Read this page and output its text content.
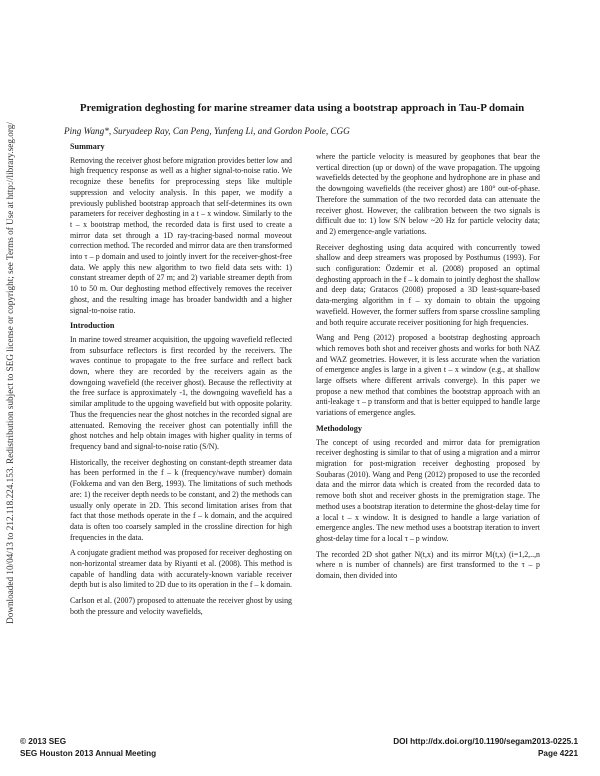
Downloaded 10/04/13 to 212.118.224.153. Redistribution subject to SEG license or copyright; see Terms of Use at http://library.seg.org/
Premigration deghosting for marine streamer data using a bootstrap approach in Tau-P domain
Ping Wang*, Suryadeep Ray, Can Peng, Yunfeng Li, and Gordon Poole, CGG
Summary
Removing the receiver ghost before migration provides better low and high frequency response as well as a higher signal-to-noise ratio. We recognize these benefits for preprocessing steps like multiple suppression and velocity analysis. In this paper, we modify a previously published bootstrap approach that self-determines its own parameters for receiver deghosting in a t – x window. Similarly to the t – x bootstrap method, the recorded data is first used to create a mirror data set through a 1D ray-tracing-based normal moveout correction method. The recorded and mirror data are then transformed into τ – p domain and used to jointly invert for the receiver-ghost-free data. We apply this new algorithm to two field data sets with: 1) constant streamer depth of 27 m; and 2) variable streamer depth from 10 to 50 m. Our deghosting method effectively removes the receiver ghost, and the resulting image has broader bandwidth and a higher signal-to-noise ratio.
Introduction
In marine towed streamer acquisition, the upgoing wavefield reflected from subsurface reflectors is first recorded by the receivers. The waves continue to propagate to the free surface and reflect back down, where they are recorded by the receivers again as the downgoing wavefield (the receiver ghost). Because the reflectivity at the free surface is approximately -1, the downgoing wavefield has a similar amplitude to the upgoing wavefield but with opposite polarity. Thus the frequencies near the ghost notches in the recorded signal are attenuated. Removing the receiver ghost can potentially infill the ghost notches and help obtain images with higher quality in terms of frequency band and signal-to-noise ratio (S/N).
Historically, the receiver deghosting on constant-depth streamer data has been performed in the f – k (frequency/wave number) domain (Fokkema and van den Berg, 1993). The limitations of such methods are: 1) the receiver depth needs to be constant, and 2) the methods can usually only operate in 2D. This second limitation arises from that fact that those methods operate in the f – k domain, and the acquired data is often too coarsely sampled in the crossline direction for high frequencies in the data.
A conjugate gradient method was proposed for receiver deghosting on non-horizontal streamer data by Riyanti et al. (2008). This method is capable of handling data with accurately-known variable receiver depth but is also limited to 2D due to its operation in the f – k domain.
Carlson et al. (2007) proposed to attenuate the receiver ghost by using both the pressure and velocity wavefields,
where the particle velocity is measured by geophones that bear the vertical direction (up or down) of the wave propagation. The upgoing wavefields detected by the geophone and hydrophone are in phase and the downgoing wavefields (the receiver ghost) are 180° out-of-phase. Therefore the summation of the two recorded data can attenuate the receiver ghost. However, the calibration between the two signals is difficult due to: 1) low S/N below ~20 Hz for particle velocity data; and 2) emergence-angle variations.
Receiver deghosting using data acquired with concurrently towed shallow and deep streamers was proposed by Posthumus (1993). For such configuration: Özdemir et al. (2008) proposed an optimal deghosting approach in the f – k domain to jointly deghost the shallow and deep data; Gratacos (2008) proposed a 3D least-square-based data-merging algorithm in f – xy domain to obtain the upgoing wavefield. However, the former suffers from sparse crossline sampling and both require accurate receiver positioning for high frequencies.
Wang and Peng (2012) proposed a bootstrap deghosting approach which removes both shot and receiver ghosts and works for both NAZ and WAZ geometries. However, it is less accurate when the variation of emergence angles is large in a given t – x window (e.g., at shallow large offsets where different arrivals converge). In this paper we propose a new method that combines the bootstrap approach with an anti-leakage τ – p transform and that is better equipped to handle large variations of emergence angles.
Methodology
The concept of using recorded and mirror data for premigration receiver deghosting is similar to that of using a migration and a mirror migration for post-migration receiver deghosting proposed by Soubaras (2010). Wang and Peng (2012) proposed to use the recorded data and the mirror data which is created from the recorded data to remove both shot and receiver ghosts in the premigration stage. The method uses a bootstrap iteration to determine the ghost-delay time for a local t – x window. It is designed to handle a large variation of emergence angles. The new method uses a bootstrap iteration to invert ghost-delay time for a local τ – p window.
The recorded 2D shot gather N(t,x) and its mirror M(t,x) (i=1,2,..,n where n is number of channels) are first transformed to the τ – p domain, then divided into
© 2013 SEG
SEG Houston 2013 Annual Meeting
DOI http://dx.doi.org/10.1190/segam2013-0225.1
Page 4221
